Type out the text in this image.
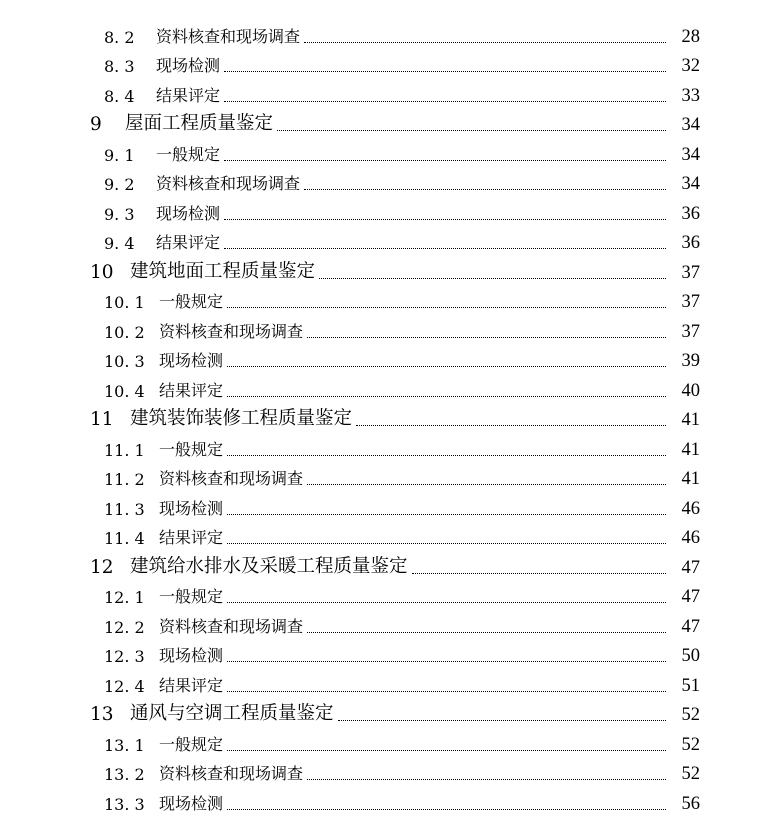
8. 2	资料核查和现场调查	28
8. 3	现场检测	32
8. 4	结果评定	33
9	屋面工程质量鉴定	34
9. 1	一般规定	34
9. 2	资料核查和现场调查	34
9. 3	现场检测	36
9. 4	结果评定	36
10 建筑地面工程质量鉴定	37
10. 1 一般规定	37
10. 2 资料核查和现场调查	37
10. 3 现场检测	39
10. 4 结果评定	40
11 建筑装饰装修工程质量鉴定	41
11. 1 一般规定	41
11. 2 资料核查和现场调查	41
11. 3 现场检测	46
11. 4 结果评定	46
12 建筑给水排水及采暖工程质量鉴定	47
12. 1 一般规定	47
12. 2 资料核查和现场调查	47
12. 3 现场检测	50
12. 4 结果评定	51
13 通风与空调工程质量鉴定	52
13. 1 一般规定	52
13. 2 资料核查和现场调查	52
13. 3 现场检测	56
